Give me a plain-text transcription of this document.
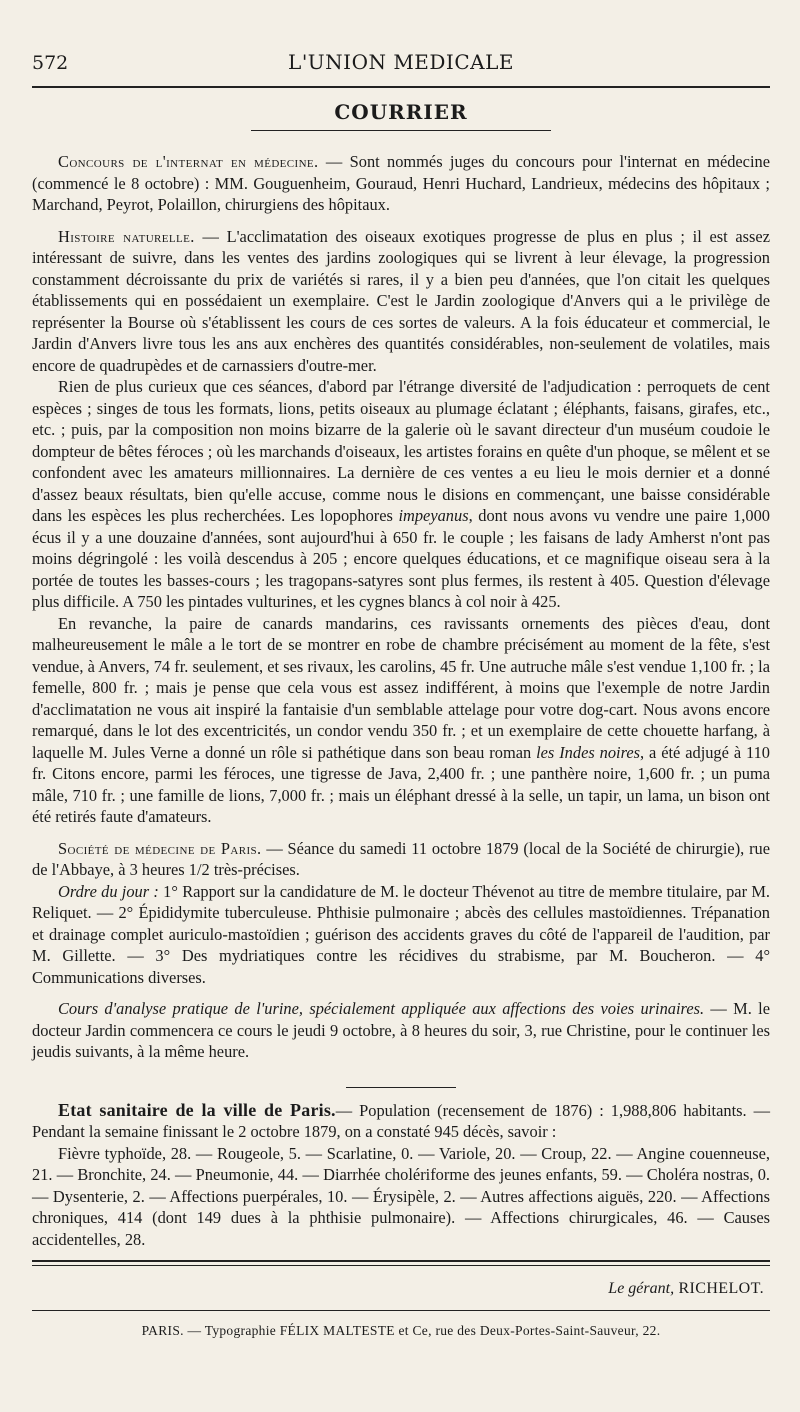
572	L'UNION MEDICALE
COURRIER

Concours de l'internat en médecine. — Sont nommés juges du concours pour l'internat en médecine (commencé le 8 octobre) : MM. Gouguenheim, Gouraud, Henri Huchard, Landrieux, médecins des hôpitaux ; Marchand, Peyrot, Polaillon, chirurgiens des hôpitaux.

Histoire naturelle. — L'acclimatation des oiseaux exotiques progresse de plus en plus ; il est assez intéressant de suivre, dans les ventes des jardins zoologiques qui se livrent à leur élevage, la progression constamment décroissante du prix de variétés si rares, il y a bien peu d'années, que l'on citait les quelques établissements qui en possédaient un exemplaire. C'est le Jardin zoologique d'Anvers qui a le privilège de représenter la Bourse où s'établissent les cours de ces sortes de valeurs. A la fois éducateur et commercial, le Jardin d'Anvers livre tous les ans aux enchères des quantités considérables, non-seulement de volatiles, mais encore de quadrupèdes et de carnassiers d'outre-mer.

Rien de plus curieux que ces séances, d'abord par l'étrange diversité de l'adjudication : perroquets de cent espèces ; singes de tous les formats, lions, petits oiseaux au plumage éclatant ; éléphants, faisans, girafes, etc., etc. ; puis, par la composition non moins bizarre de la galerie où le savant directeur d'un muséum coudoie le dompteur de bêtes féroces ; où les marchands d'oiseaux, les artistes forains en quête d'un phoque, se mêlent et se confondent avec les amateurs millionnaires. La dernière de ces ventes a eu lieu le mois dernier et a donné d'assez beaux résultats, bien qu'elle accuse, comme nous le disions en commençant, une baisse considérable dans les espèces les plus recherchées. Les lopophores impeyanus, dont nous avons vu vendre une paire 1,000 écus il y a une douzaine d'années, sont aujourd'hui à 650 fr. le couple ; les faisans de lady Amherst n'ont pas moins dégringolé : les voilà descendus à 205 ; encore quelques éducations, et ce magnifique oiseau sera à la portée de toutes les basses-cours ; les tragopans-satyres sont plus fermes, ils restent à 405. Question d'élevage plus difficile. A 750 les pintades vulturines, et les cygnes blancs à col noir à 425.

En revanche, la paire de canards mandarins, ces ravissants ornements des pièces d'eau, dont malheureusement le mâle a le tort de se montrer en robe de chambre précisément au moment de la fête, s'est vendue, à Anvers, 74 fr. seulement, et ses rivaux, les carolins, 45 fr. Une autruche mâle s'est vendue 1,100 fr. ; la femelle, 800 fr. ; mais je pense que cela vous est assez indifférent, à moins que l'exemple de notre Jardin d'acclimatation ne vous ait inspiré la fantaisie d'un semblable attelage pour votre dog-cart. Nous avons encore remarqué, dans le lot des excentricités, un condor vendu 350 fr. ; et un exemplaire de cette chouette harfang, à laquelle M. Jules Verne a donné un rôle si pathétique dans son beau roman les Indes noires, a été adjugé à 110 fr. Citons encore, parmi les féroces, une tigresse de Java, 2,400 fr. ; une panthère noire, 1,600 fr. ; un puma mâle, 710 fr. ; une famille de lions, 7,000 fr. ; mais un éléphant dressé à la selle, un tapir, un lama, un bison ont été retirés faute d'amateurs.

Société de médecine de Paris. — Séance du samedi 11 octobre 1879 (local de la Société de chirurgie), rue de l'Abbaye, à 3 heures 1/2 très-précises.

Ordre du jour : 1° Rapport sur la candidature de M. le docteur Thévenot au titre de membre titulaire, par M. Reliquet. — 2° Épididymite tuberculeuse. Phthisie pulmonaire ; abcès des cellules mastoïdiennes. Trépanation et drainage complet auriculo-mastoïdien ; guérison des accidents graves du côté de l'appareil de l'audition, par M. Gillette. — 3° Des mydriatiques contre les récidives du strabisme, par M. Boucheron. — 4° Communications diverses.

Cours d'analyse pratique de l'urine, spécialement appliquée aux affections des voies urinaires. — M. le docteur Jardin commencera ce cours le jeudi 9 octobre, à 8 heures du soir, 3, rue Christine, pour le continuer les jeudis suivants, à la même heure.

Etat sanitaire de la ville de Paris.— Population (recensement de 1876) : 1,988,806 habitants. — Pendant la semaine finissant le 2 octobre 1879, on a constaté 945 décès, savoir :

Fièvre typhoïde, 28. — Rougeole, 5. — Scarlatine, 0. — Variole, 20. — Croup, 22. — Angine couenneuse, 21. — Bronchite, 24. — Pneumonie, 44. — Diarrhée cholériforme des jeunes enfants, 59. — Choléra nostras, 0. — Dysenterie, 2. — Affections puerpérales, 10. — Érysipèle, 2. — Autres affections aiguës, 220. — Affections chroniques, 414 (dont 149 dues à la phthisie pulmonaire). — Affections chirurgicales, 46. — Causes accidentelles, 28.

Le gérant, RICHELOT.
PARIS. — Typographie FÉLIX MALTESTE et Ce, rue des Deux-Portes-Saint-Sauveur, 22.
